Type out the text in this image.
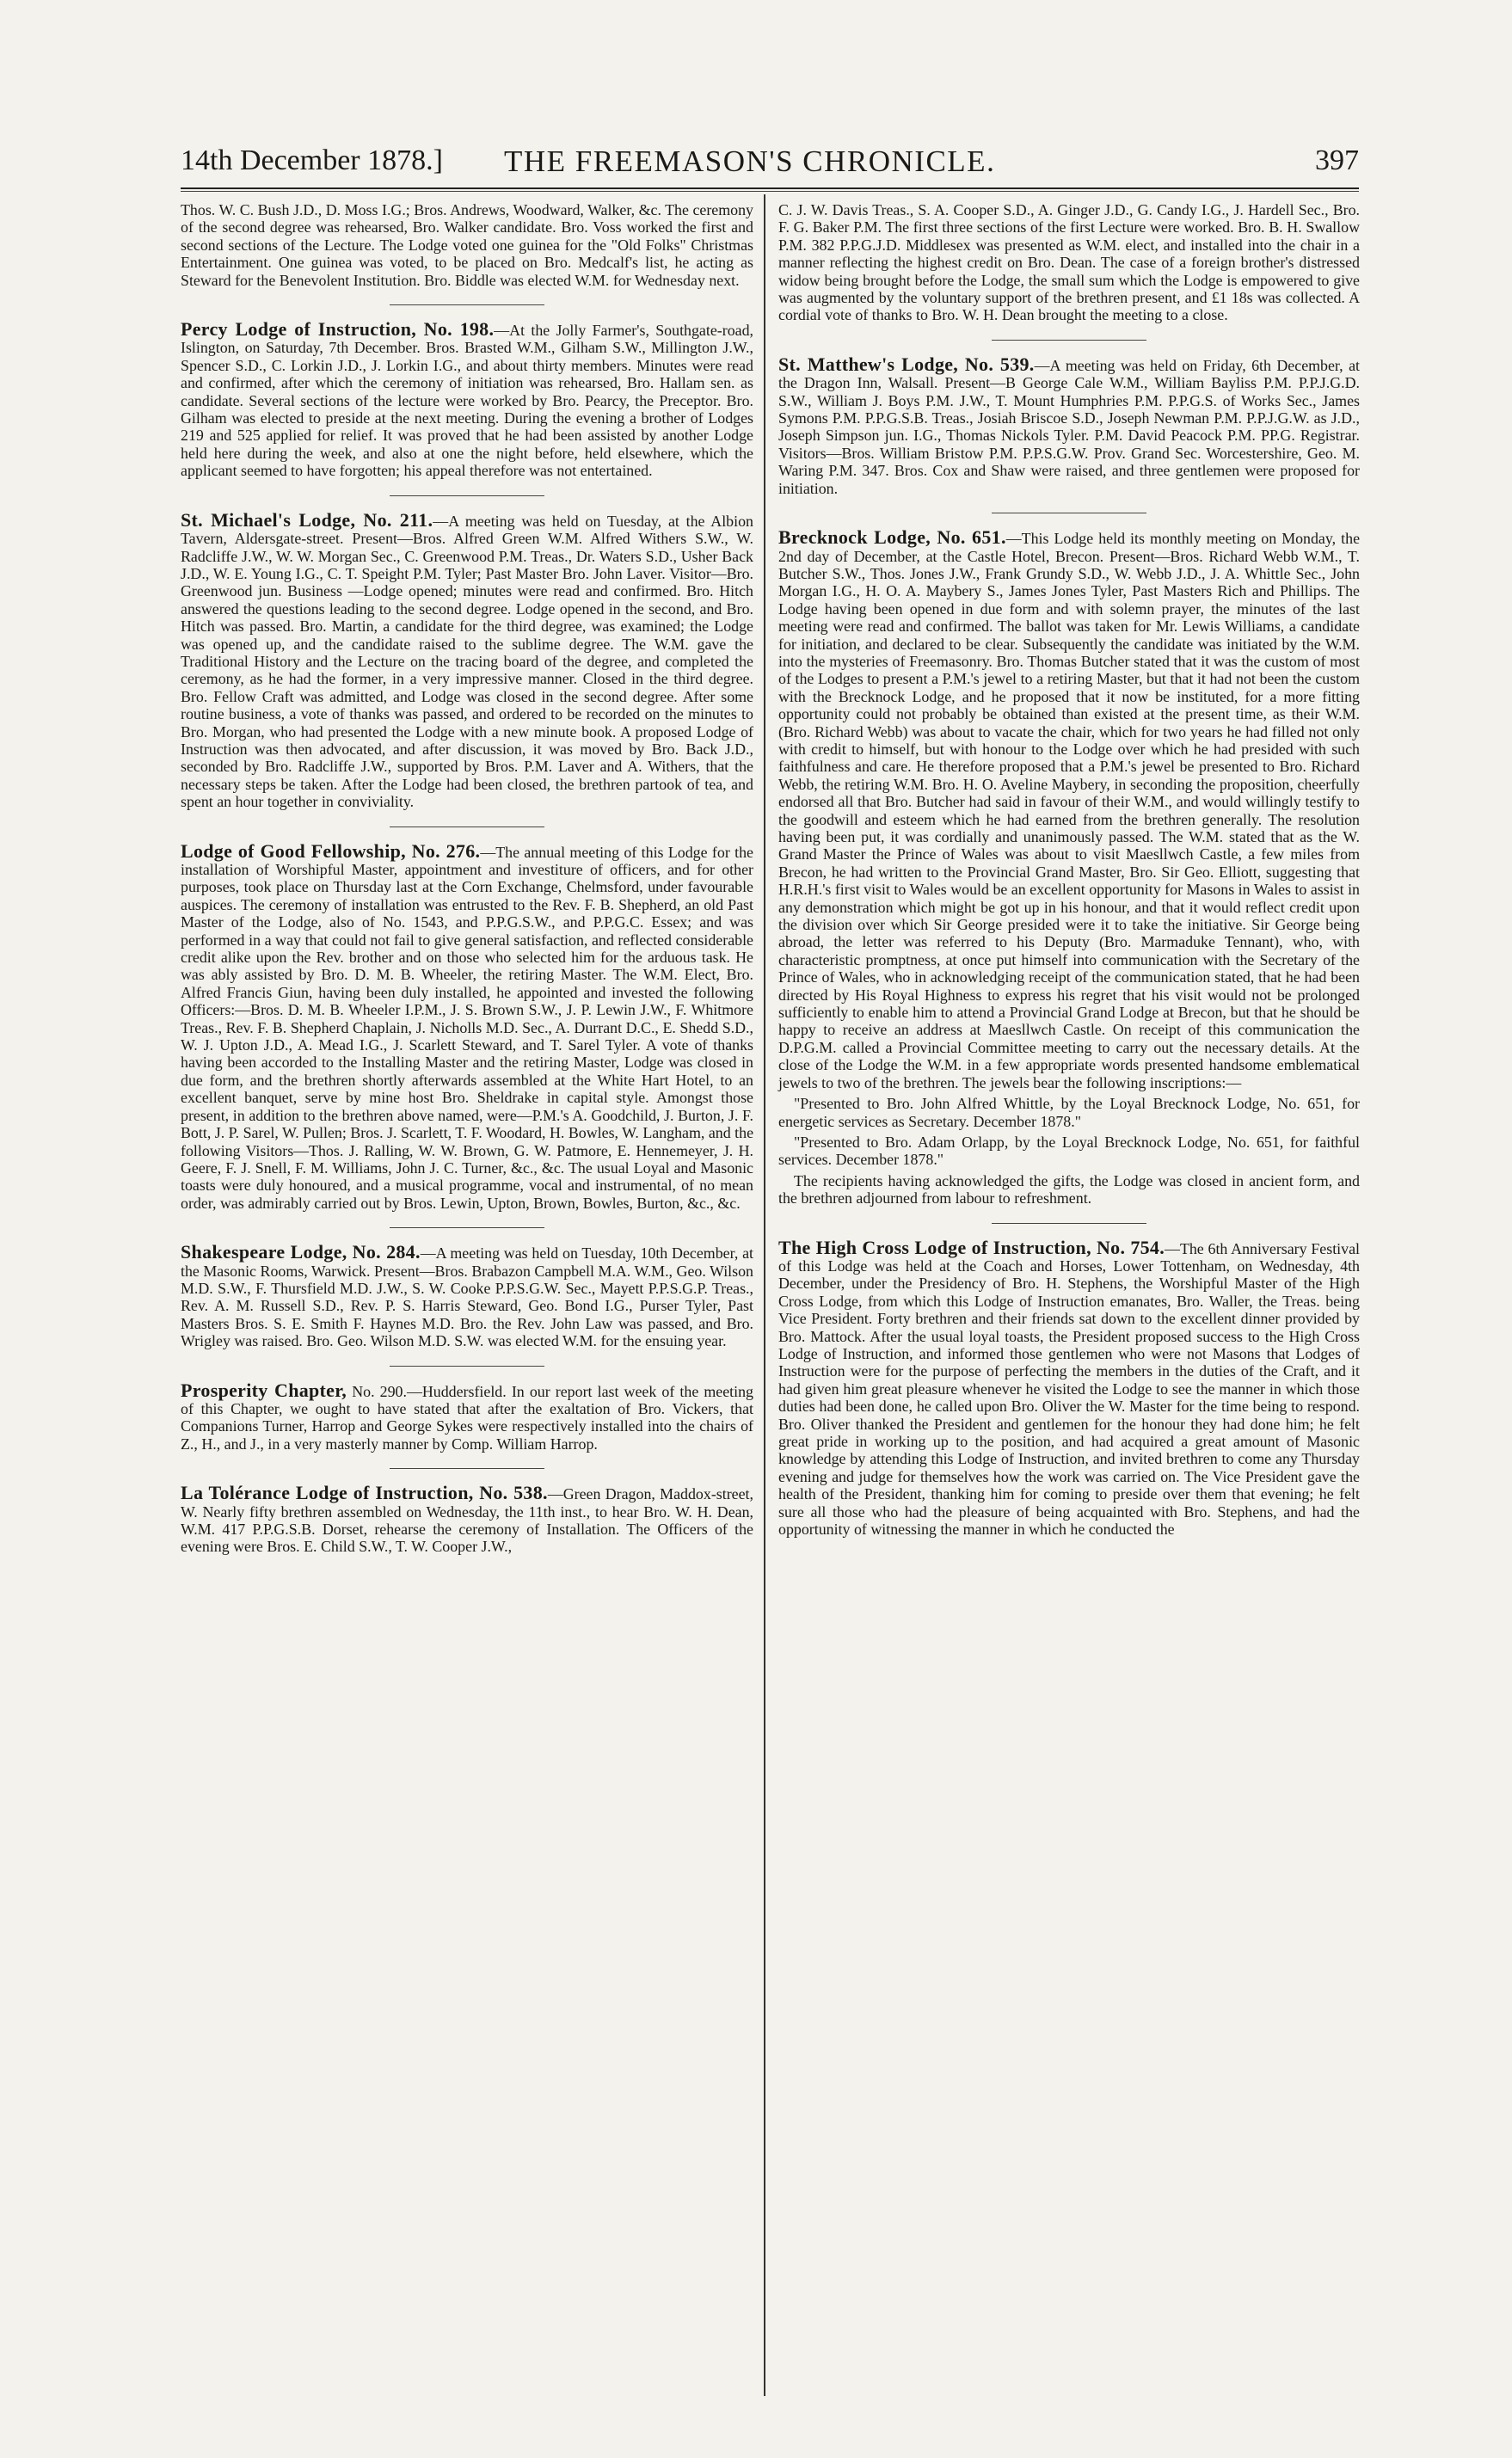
14th December 1878.] THE FREEMASON'S CHRONICLE.	397

Thos. W. C. Bush J.D., D. Moss I.G.; Bros. Andrews, Woodward, Walker, &c. The ceremony of the second degree was rehearsed, Bro. Walker candidate. Bro. Voss worked the first and second sections of the Lecture. The Lodge voted one guinea for the "Old Folks" Christmas Entertainment. One guinea was voted, to be placed on Bro. Medcalf's list, he acting as Steward for the Benevolent Institution. Bro. Biddle was elected W.M. for Wednesday next.

Percy Lodge of Instruction, No. 198.—At the Jolly Farmer's, Southgate-road, Islington, on Saturday, 7th December. Bros. Brasted W.M., Gilham S.W., Millington J.W., Spencer S.D., C. Lorkin J.D., J. Lorkin I.G., and about thirty members. Minutes were read and confirmed, after which the ceremony of initiation was rehearsed, Bro. Hallam sen. as candidate. Several sections of the lecture were worked by Bro. Pearcy, the Preceptor. Bro. Gilham was elected to preside at the next meeting. During the evening a brother of Lodges 219 and 525 applied for relief. It was proved that he had been assisted by another Lodge held here during the week, and also at one the night before, held elsewhere, which the applicant seemed to have forgotten; his appeal therefore was not entertained.

St. Michael's Lodge, No. 211.—A meeting was held on Tuesday, at the Albion Tavern, Aldersgate-street. Present—Bros. Alfred Green W.M. Alfred Withers S.W., W. Radcliffe J.W., W. W. Morgan Sec., C. Greenwood P.M. Treas., Dr. Waters S.D., Usher Back J.D., W. E. Young I.G., C. T. Speight P.M. Tyler; Past Master Bro. John Laver. Visitor—Bro. Greenwood jun. Business —Lodge opened; minutes were read and confirmed. Bro. Hitch answered the questions leading to the second degree. Lodge opened in the second, and Bro. Hitch was passed. Bro. Martin, a candidate for the third degree, was examined; the Lodge was opened up, and the candidate raised to the sublime degree. The W.M. gave the Traditional History and the Lecture on the tracing board of the degree, and completed the ceremony, as he had the former, in a very impressive manner. Closed in the third degree. Bro. Fellow Craft was admitted, and Lodge was closed in the second degree. After some routine business, a vote of thanks was passed, and ordered to be recorded on the minutes to Bro. Morgan, who had presented the Lodge with a new minute book. A proposed Lodge of Instruction was then advocated, and after discussion, it was moved by Bro. Back J.D., seconded by Bro. Radcliffe J.W., supported by Bros. P.M. Laver and A. Withers, that the necessary steps be taken. After the Lodge had been closed, the brethren partook of tea, and spent an hour together in conviviality.

Lodge of Good Fellowship, No. 276.—The annual meeting of this Lodge for the installation of Worshipful Master, appointment and investiture of officers, and for other purposes, took place on Thursday last at the Corn Exchange, Chelmsford, under favourable auspices. The ceremony of installation was entrusted to the Rev. F. B. Shepherd, an old Past Master of the Lodge, also of No. 1543, and P.P.G.S.W., and P.P.G.C. Essex; and was performed in a way that could not fail to give general satisfaction, and reflected considerable credit alike upon the Rev. brother and on those who selected him for the arduous task. He was ably assisted by Bro. D. M. B. Wheeler, the retiring Master. The W.M. Elect, Bro. Alfred Francis Giun, having been duly installed, he appointed and invested the following Officers:—Bros. D. M. B. Wheeler I.P.M., J. S. Brown S.W., J. P. Lewin J.W., F. Whitmore Treas., Rev. F. B. Shepherd Chaplain, J. Nicholls M.D. Sec., A. Durrant D.C., E. Shedd S.D., W. J. Upton J.D., A. Mead I.G., J. Scarlett Steward, and T. Sarel Tyler. A vote of thanks having been accorded to the Installing Master and the retiring Master, Lodge was closed in due form, and the brethren shortly afterwards assembled at the White Hart Hotel, to an excellent banquet, serve by mine host Bro. Sheldrake in capital style. Amongst those present, in addition to the brethren above named, were—P.M.'s A. Goodchild, J. Burton, J. F. Bott, J. P. Sarel, W. Pullen; Bros. J. Scarlett, T. F. Woodard, H. Bowles, W. Langham, and the following Visitors—Thos. J. Ralling, W. W. Brown, G. W. Patmore, E. Hennemeyer, J. H. Geere, F. J. Snell, F. M. Williams, John J. C. Turner, &c., &c. The usual Loyal and Masonic toasts were duly honoured, and a musical programme, vocal and instrumental, of no mean order, was admirably carried out by Bros. Lewin, Upton, Brown, Bowles, Burton, &c., &c.

Shakespeare Lodge, No. 284.—A meeting was held on Tuesday, 10th December, at the Masonic Rooms, Warwick. Present—Bros. Brabazon Campbell M.A. W.M., Geo. Wilson M.D. S.W., F. Thursfield M.D. J.W., S. W. Cooke P.P.S.G.W. Sec., Mayett P.P.S.G.P. Treas., Rev. A. M. Russell S.D., Rev. P. S. Harris Steward, Geo. Bond I.G., Purser Tyler, Past Masters Bros. S. E. Smith F. Haynes M.D. Bro. the Rev. John Law was passed, and Bro. Wrigley was raised. Bro. Geo. Wilson M.D. S.W. was elected W.M. for the ensuing year.

Prosperity Chapter, No. 290.—Huddersfield. In our report last week of the meeting of this Chapter, we ought to have stated that after the exaltation of Bro. Vickers, that Companions Turner, Harrop and George Sykes were respectively installed into the chairs of Z., H., and J., in a very masterly manner by Comp. William Harrop.

La Tolérance Lodge of Instruction, No. 538.—Green Dragon, Maddox-street, W. Nearly fifty brethren assembled on Wednesday, the 11th inst., to hear Bro. W. H. Dean, W.M. 417 P.P.G.S.B. Dorset, rehearse the ceremony of Installation. The Officers of the evening were Bros. E. Child S.W., T. W. Cooper J.W.,

C. J. W. Davis Treas., S. A. Cooper S.D., A. Ginger J.D., G. Candy I.G., J. Hardell Sec., Bro. F. G. Baker P.M. The first three sections of the first Lecture were worked. Bro. B. H. Swallow P.M. 382 P.P.G.J.D. Middlesex was presented as W.M. elect, and installed into the chair in a manner reflecting the highest credit on Bro. Dean. The case of a foreign brother's distressed widow being brought before the Lodge, the small sum which the Lodge is empowered to give was augmented by the voluntary support of the brethren present, and £1 18s was collected. A cordial vote of thanks to Bro. W. H. Dean brought the meeting to a close.

St. Matthew's Lodge, No. 539.—A meeting was held on Friday, 6th December, at the Dragon Inn, Walsall. Present—B George Cale W.M., William Bayliss P.M. P.P.J.G.D. S.W., William J. Boys P.M. J.W., T. Mount Humphries P.M. P.P.G.S. of Works Sec., James Symons P.M. P.P.G.S.B. Treas., Josiah Briscoe S.D., Joseph Newman P.M. P.P.J.G.W. as J.D., Joseph Simpson jun. I.G., Thomas Nickols Tyler. P.M. David Peacock P.M. PP.G. Registrar. Visitors—Bros. William Bristow P.M. P.P.S.G.W. Prov. Grand Sec. Worcestershire, Geo. M. Waring P.M. 347. Bros. Cox and Shaw were raised, and three gentlemen were proposed for initiation.

Brecknock Lodge, No. 651.—This Lodge held its monthly meeting on Monday, the 2nd day of December, at the Castle Hotel, Brecon. Present—Bros. Richard Webb W.M., T. Butcher S.W., Thos. Jones J.W., Frank Grundy S.D., W. Webb J.D., J. A. Whittle Sec., John Morgan I.G., H. O. A. Maybery S., James Jones Tyler, Past Masters Rich and Phillips. The Lodge having been opened in due form and with solemn prayer, the minutes of the last meeting were read and confirmed. The ballot was taken for Mr. Lewis Williams, a candidate for initiation, and declared to be clear. Subsequently the candidate was initiated by the W.M. into the mysteries of Freemasonry. Bro. Thomas Butcher stated that it was the custom of most of the Lodges to present a P.M.'s jewel to a retiring Master, but that it had not been the custom with the Brecknock Lodge, and he proposed that it now be instituted, for a more fitting opportunity could not probably be obtained than existed at the present time, as their W.M. (Bro. Richard Webb) was about to vacate the chair, which for two years he had filled not only with credit to himself, but with honour to the Lodge over which he had presided with such faithfulness and care. He therefore proposed that a P.M.'s jewel be presented to Bro. Richard Webb, the retiring W.M. Bro. H. O. Aveline Maybery, in seconding the proposition, cheerfully endorsed all that Bro. Butcher had said in favour of their W.M., and would willingly testify to the goodwill and esteem which he had earned from the brethren generally. The resolution having been put, it was cordially and unanimously passed. The W.M. stated that as the W. Grand Master the Prince of Wales was about to visit Maesllwch Castle, a few miles from Brecon, he had written to the Provincial Grand Master, Bro. Sir Geo. Elliott, suggesting that H.R.H.'s first visit to Wales would be an excellent opportunity for Masons in Wales to assist in any demonstration which might be got up in his honour, and that it would reflect credit upon the division over which Sir George presided were it to take the initiative. Sir George being abroad, the letter was referred to his Deputy (Bro. Marmaduke Tennant), who, with characteristic promptness, at once put himself into communication with the Secretary of the Prince of Wales, who in acknowledging receipt of the communication stated, that he had been directed by His Royal Highness to express his regret that his visit would not be prolonged sufficiently to enable him to attend a Provincial Grand Lodge at Brecon, but that he should be happy to receive an address at Maesllwch Castle. On receipt of this communication the D.P.G.M. called a Provincial Committee meeting to carry out the necessary details. At the close of the Lodge the W.M. in a few appropriate words presented handsome emblematical jewels to two of the brethren. The jewels bear the following inscriptions:—

"Presented to Bro. John Alfred Whittle, by the Loyal Brecknock Lodge, No. 651, for energetic services as Secretary. December 1878."

"Presented to Bro. Adam Orlapp, by the Loyal Brecknock Lodge, No. 651, for faithful services. December 1878."

The recipients having acknowledged the gifts, the Lodge was closed in ancient form, and the brethren adjourned from labour to refreshment.

The High Cross Lodge of Instruction, No. 754.—The 6th Anniversary Festival of this Lodge was held at the Coach and Horses, Lower Tottenham, on Wednesday, 4th December, under the Presidency of Bro. H. Stephens, the Worshipful Master of the High Cross Lodge, from which this Lodge of Instruction emanates, Bro. Waller, the Treas. being Vice President. Forty brethren and their friends sat down to the excellent dinner provided by Bro. Mattock. After the usual loyal toasts, the President proposed success to the High Cross Lodge of Instruction, and informed those gentlemen who were not Masons that Lodges of Instruction were for the purpose of perfecting the members in the duties of the Craft, and it had given him great pleasure whenever he visited the Lodge to see the manner in which those duties had been done, he called upon Bro. Oliver the W. Master for the time being to respond. Bro. Oliver thanked the President and gentlemen for the honour they had done him; he felt great pride in working up to the position, and had acquired a great amount of Masonic knowledge by attending this Lodge of Instruction, and invited brethren to come any Thursday evening and judge for themselves how the work was carried on. The Vice President gave the health of the President, thanking him for coming to preside over them that evening; he felt sure all those who had the pleasure of being acquainted with Bro. Stephens, and had the opportunity of witnessing the manner in which he conducted the
